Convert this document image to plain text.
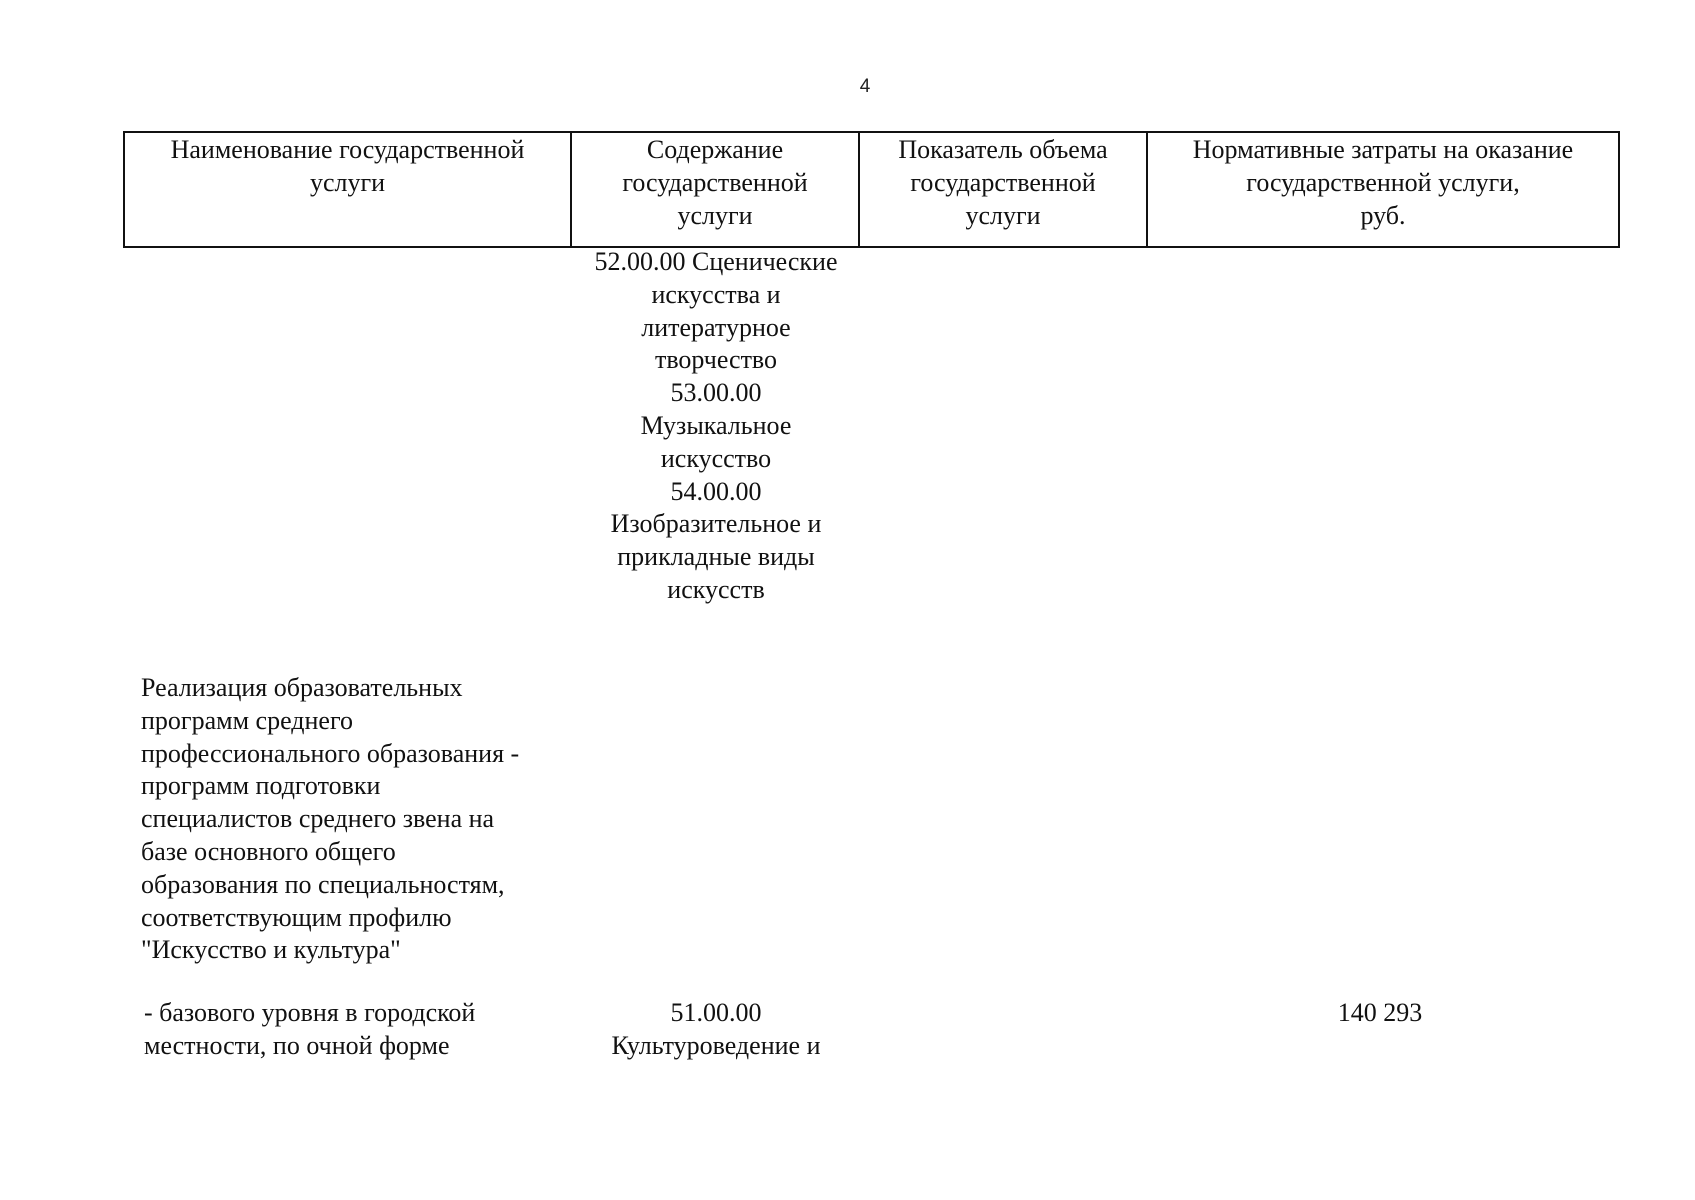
4
Наименование государственной
услуги
Содержание
государственной
услуги
Показатель объема
государственной
услуги
Нормативные затраты на оказание
государственной услуги,
руб.
52.00.00 Сценические
искусства и
литературное
творчество
53.00.00
Музыкальное
искусство
54.00.00
Изобразительное и
прикладные виды
искусств
Реализация образовательных
программ среднего
профессионального образования -
программ подготовки
специалистов среднего звена на
базе основного общего
образования по специальностям,
соответствующим профилю
"Искусство и культура"
- базового уровня в городской
местности, по очной форме
51.00.00
Культуроведение и
140 293
